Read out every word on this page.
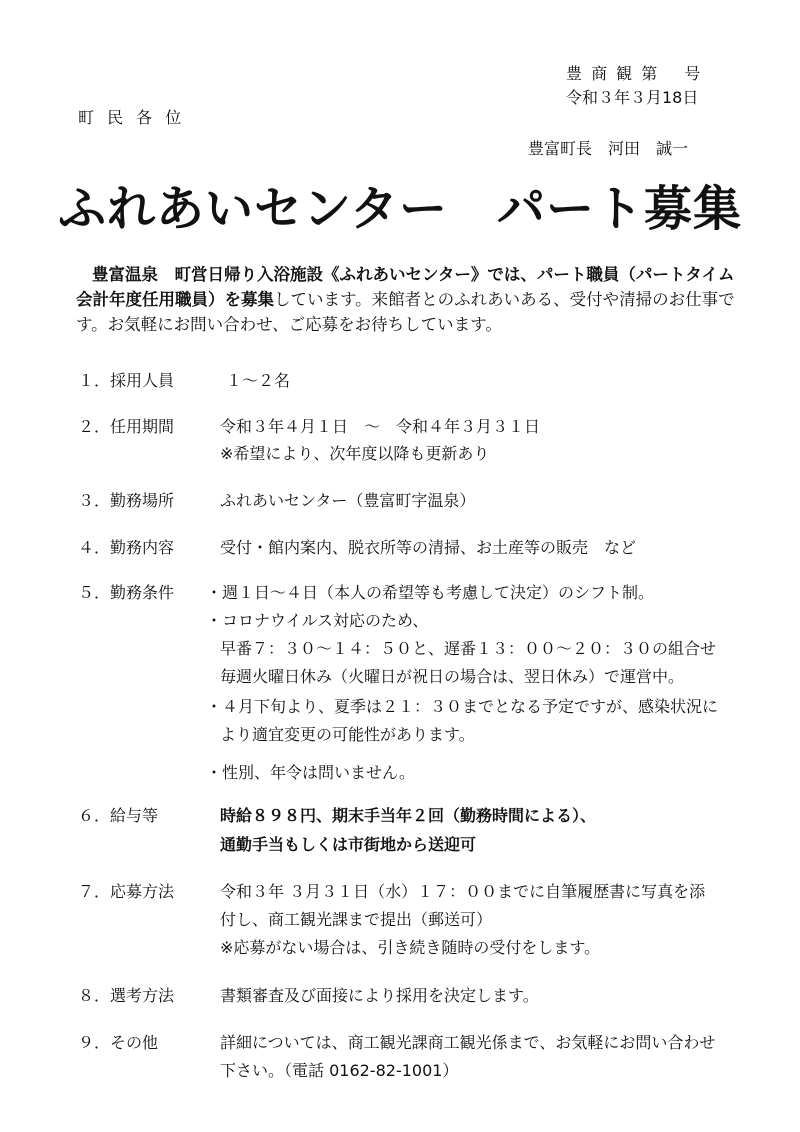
豊 商 観 第　 号
令和３年３月18日
町 民 各 位
豊富町長　河田　誠一
ふれあいセンター　パート募集
豊富温泉　町営日帰り入浴施設《ふれあいセンター》では、パート職員（パートタイム会計年度任用職員）を募集しています。来館者とのふれあいある、受付や清掃のお仕事です。お気軽にお問い合わせ、ご応募をお待ちしています。
１． 採用人員	１～２名
２． 任用期間	令和３年４月１日　～　令和４年３月３１日
※希望により、次年度以降も更新あり
３． 勤務場所	ふれあいセンター（豊富町字温泉）
４． 勤務内容	受付・館内案内、脱衣所等の清掃、お土産等の販売　など
５． 勤務条件 ・週１日～４日（本人の希望等も考慮して決定）のシフト制。
・コロナウイルス対応のため、
早番７：３０～１４：５０と、遅番１３：００～２０：３０の組合せ
毎週火曜日休み（火曜日が祝日の場合は、翌日休み）で運営中。
・４月下旬より、夏季は２１：３０までとなる予定ですが、感染状況に
より適宜変更の可能性があります。
・性別、年令は問いません。
６． 給与等	時給８９８円、期末手当年２回（勤務時間による）、
通勤手当もしくは市街地から送迎可
７． 応募方法	令和３年 ３月３１日（水）１７：００までに自筆履歴書に写真を添
付し、商工観光課まで提出（郵送可）
※応募がない場合は、引き続き随時の受付をします。
８． 選考方法	書類審査及び面接により採用を決定します。
９． その他	詳細については、商工観光課商工観光係まで、お気軽にお問い合わせ
下さい。（電話 0162-82-1001）
